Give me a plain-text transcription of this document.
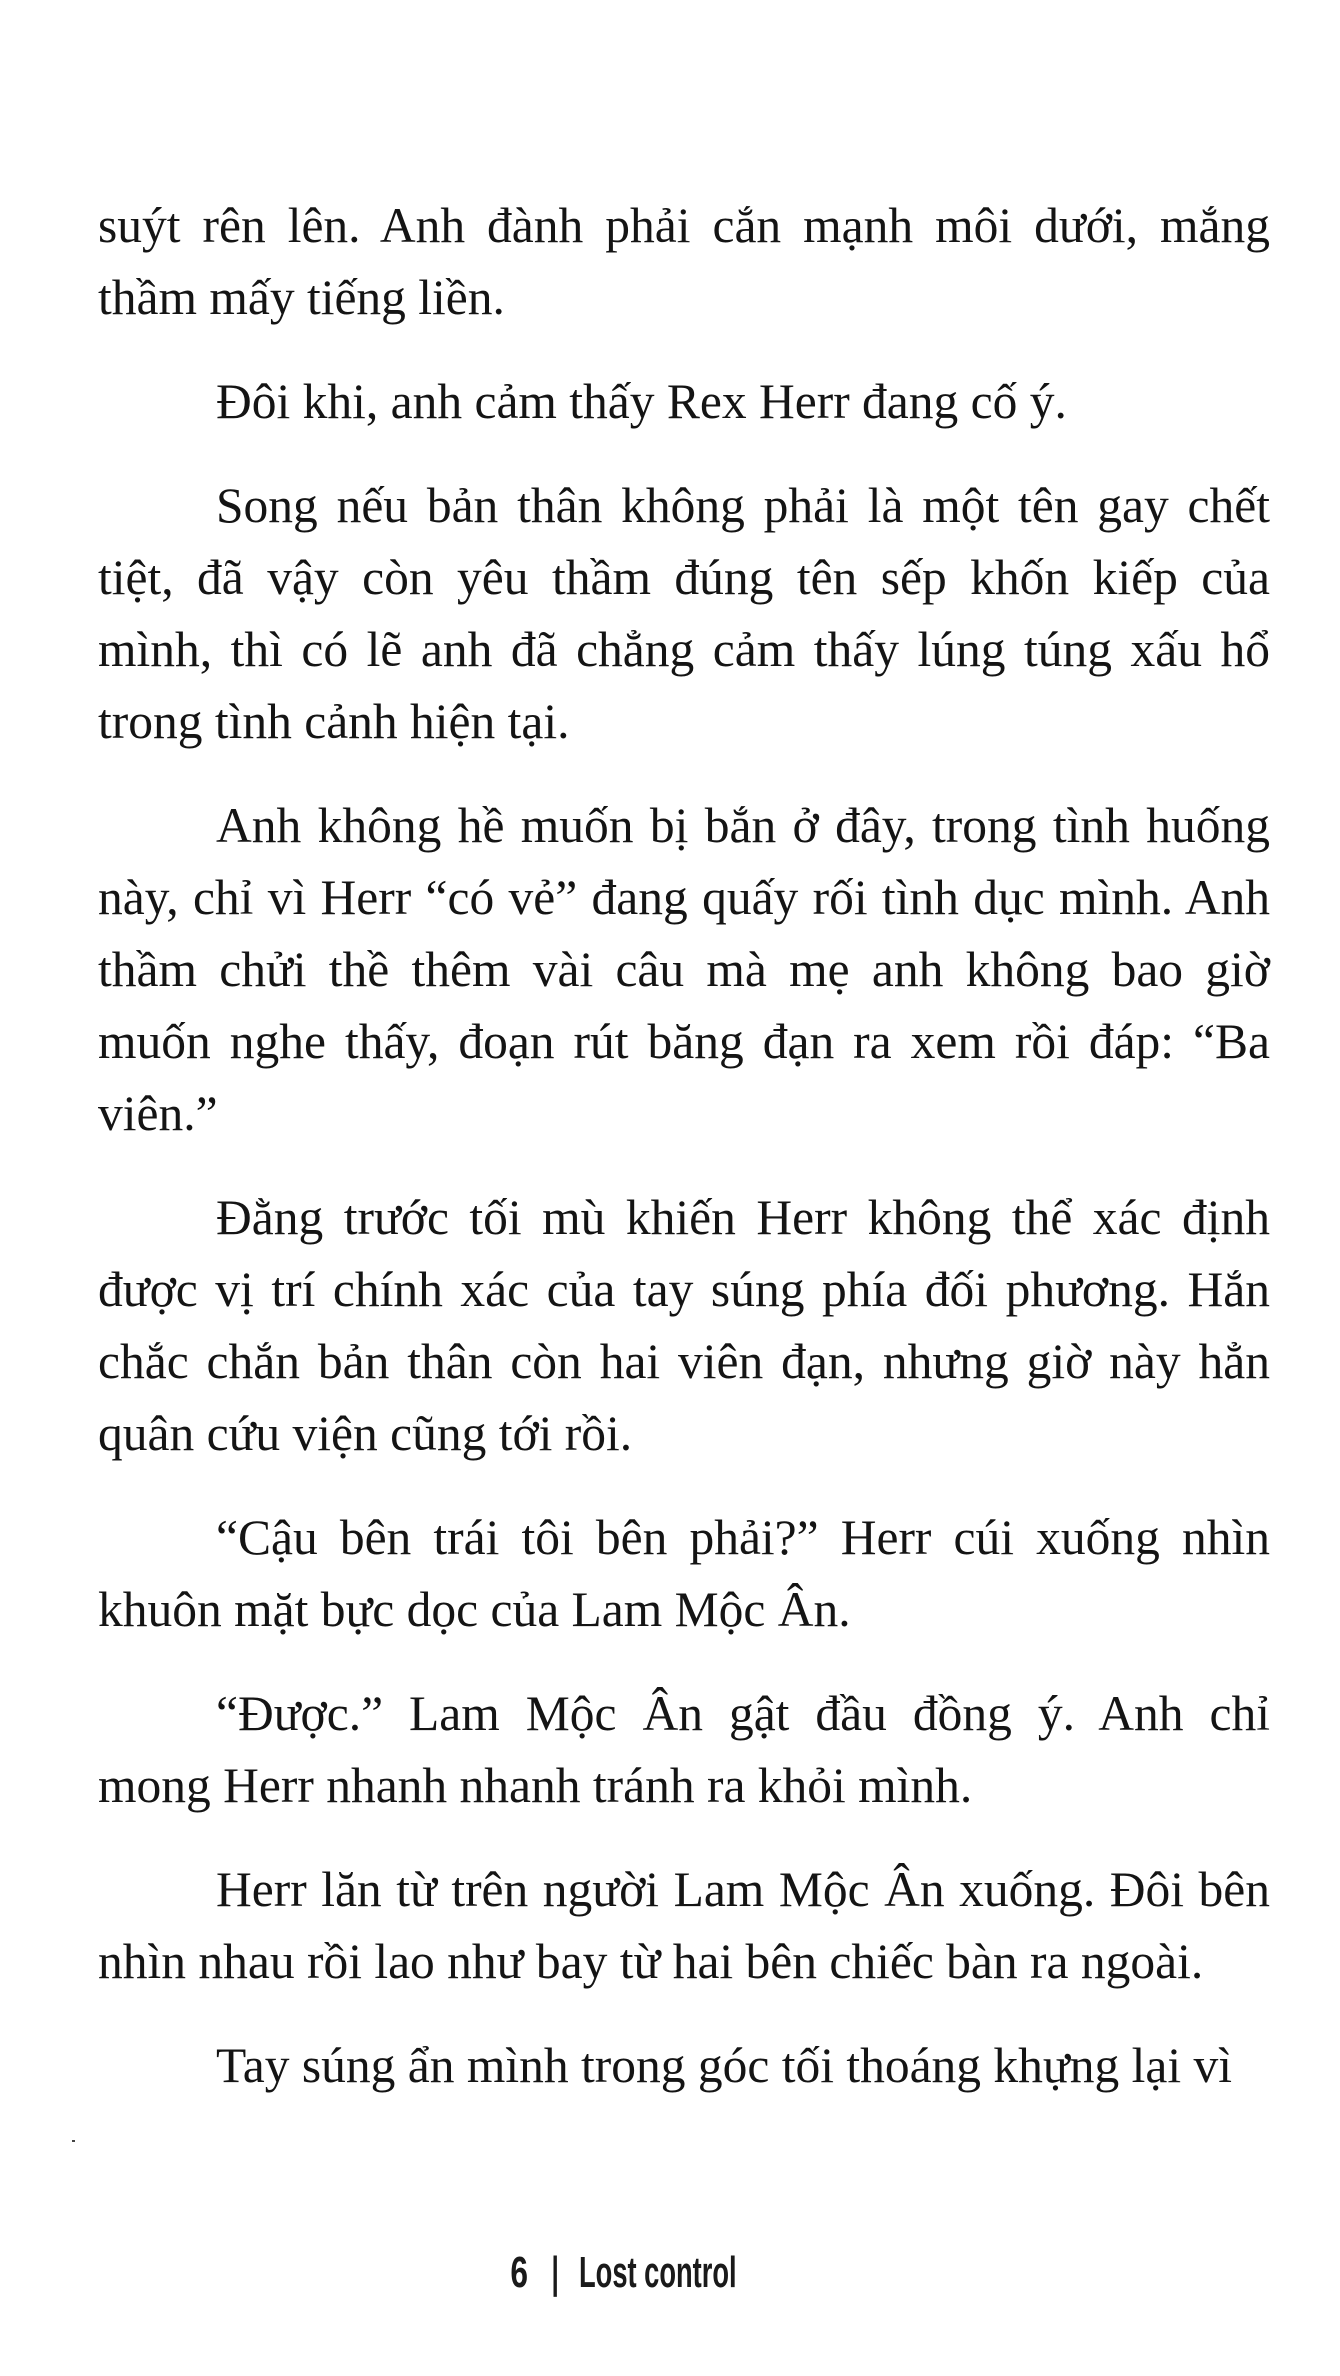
suýt rên lên. Anh đành phải cắn mạnh môi dưới, mắng thầm mấy tiếng liền.

Đôi khi, anh cảm thấy Rex Herr đang cố ý.

Song nếu bản thân không phải là một tên gay chết tiệt, đã vậy còn yêu thầm đúng tên sếp khốn kiếp của mình, thì có lẽ anh đã chẳng cảm thấy lúng túng xấu hổ trong tình cảnh hiện tại.

Anh không hề muốn bị bắn ở đây, trong tình huống này, chỉ vì Herr “có vẻ” đang quấy rối tình dục mình. Anh thầm chửi thề thêm vài câu mà mẹ anh không bao giờ muốn nghe thấy, đoạn rút băng đạn ra xem rồi đáp: “Ba viên.”

Đằng trước tối mù khiến Herr không thể xác định được vị trí chính xác của tay súng phía đối phương. Hắn chắc chắn bản thân còn hai viên đạn, nhưng giờ này hẳn quân cứu viện cũng tới rồi.

“Cậu bên trái tôi bên phải?” Herr cúi xuống nhìn khuôn mặt bực dọc của Lam Mộc Ân.

“Được.” Lam Mộc Ân gật đầu đồng ý. Anh chỉ mong Herr nhanh nhanh tránh ra khỏi mình.

Herr lăn từ trên người Lam Mộc Ân xuống. Đôi bên nhìn nhau rồi lao như bay từ hai bên chiếc bàn ra ngoài.

Tay súng ẩn mình trong góc tối thoáng khựng lại vì

6 | Lost control
